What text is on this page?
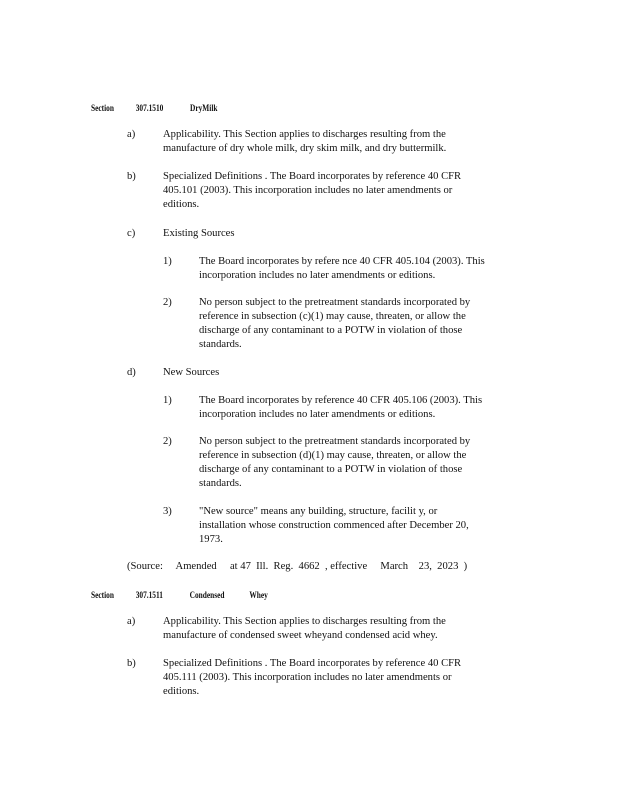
Section 307.1510	DryMilk
a)	Applicability. This Section applies to discharges resulting from the
manufacture of dry whole milk, dry skim milk, and dry buttermilk.
b)	Specialized Definitions . The Board incorporates by reference 40 CFR
405.101 (2003). This incorporation includes no later amendments or
editions.
c)	Existing Sources
1)	The Board incorporates by refere nce 40 CFR 405.104 (2003). This
incorporation includes no later amendments or editions.
2)	No person subject to the pretreatment standards incorporated by
reference in subsection (c)(1) may cause, threaten, or allow the
discharge of any contaminant to a POTW in violation of those
standards.
d)	New Sources
1)	The Board incorporates by reference 40 CFR 405.106 (2003). This
incorporation includes no later amendments or editions.
2)	No person subject to the pretreatment standards incorporated by
reference in subsection (d)(1) may cause, threaten, or allow the
discharge of any contaminant to a POTW in violation of those
standards.
3)	"New source" means any building, structure, facilit y, or
installation whose construction commenced after December 20,
1973.
(Source:     Amended     at 47  Ill.  Reg.  4662  , effective     March    23,  2023  )
Section 307.1511	Condensed	Whey
a)	Applicability. This Section applies to discharges resulting from the
manufacture of condensed sweet wheyand condensed acid whey.
b)	Specialized Definitions . The Board incorporates by reference 40 CFR
405.111 (2003). This incorporation includes no later amendments or
editions.
